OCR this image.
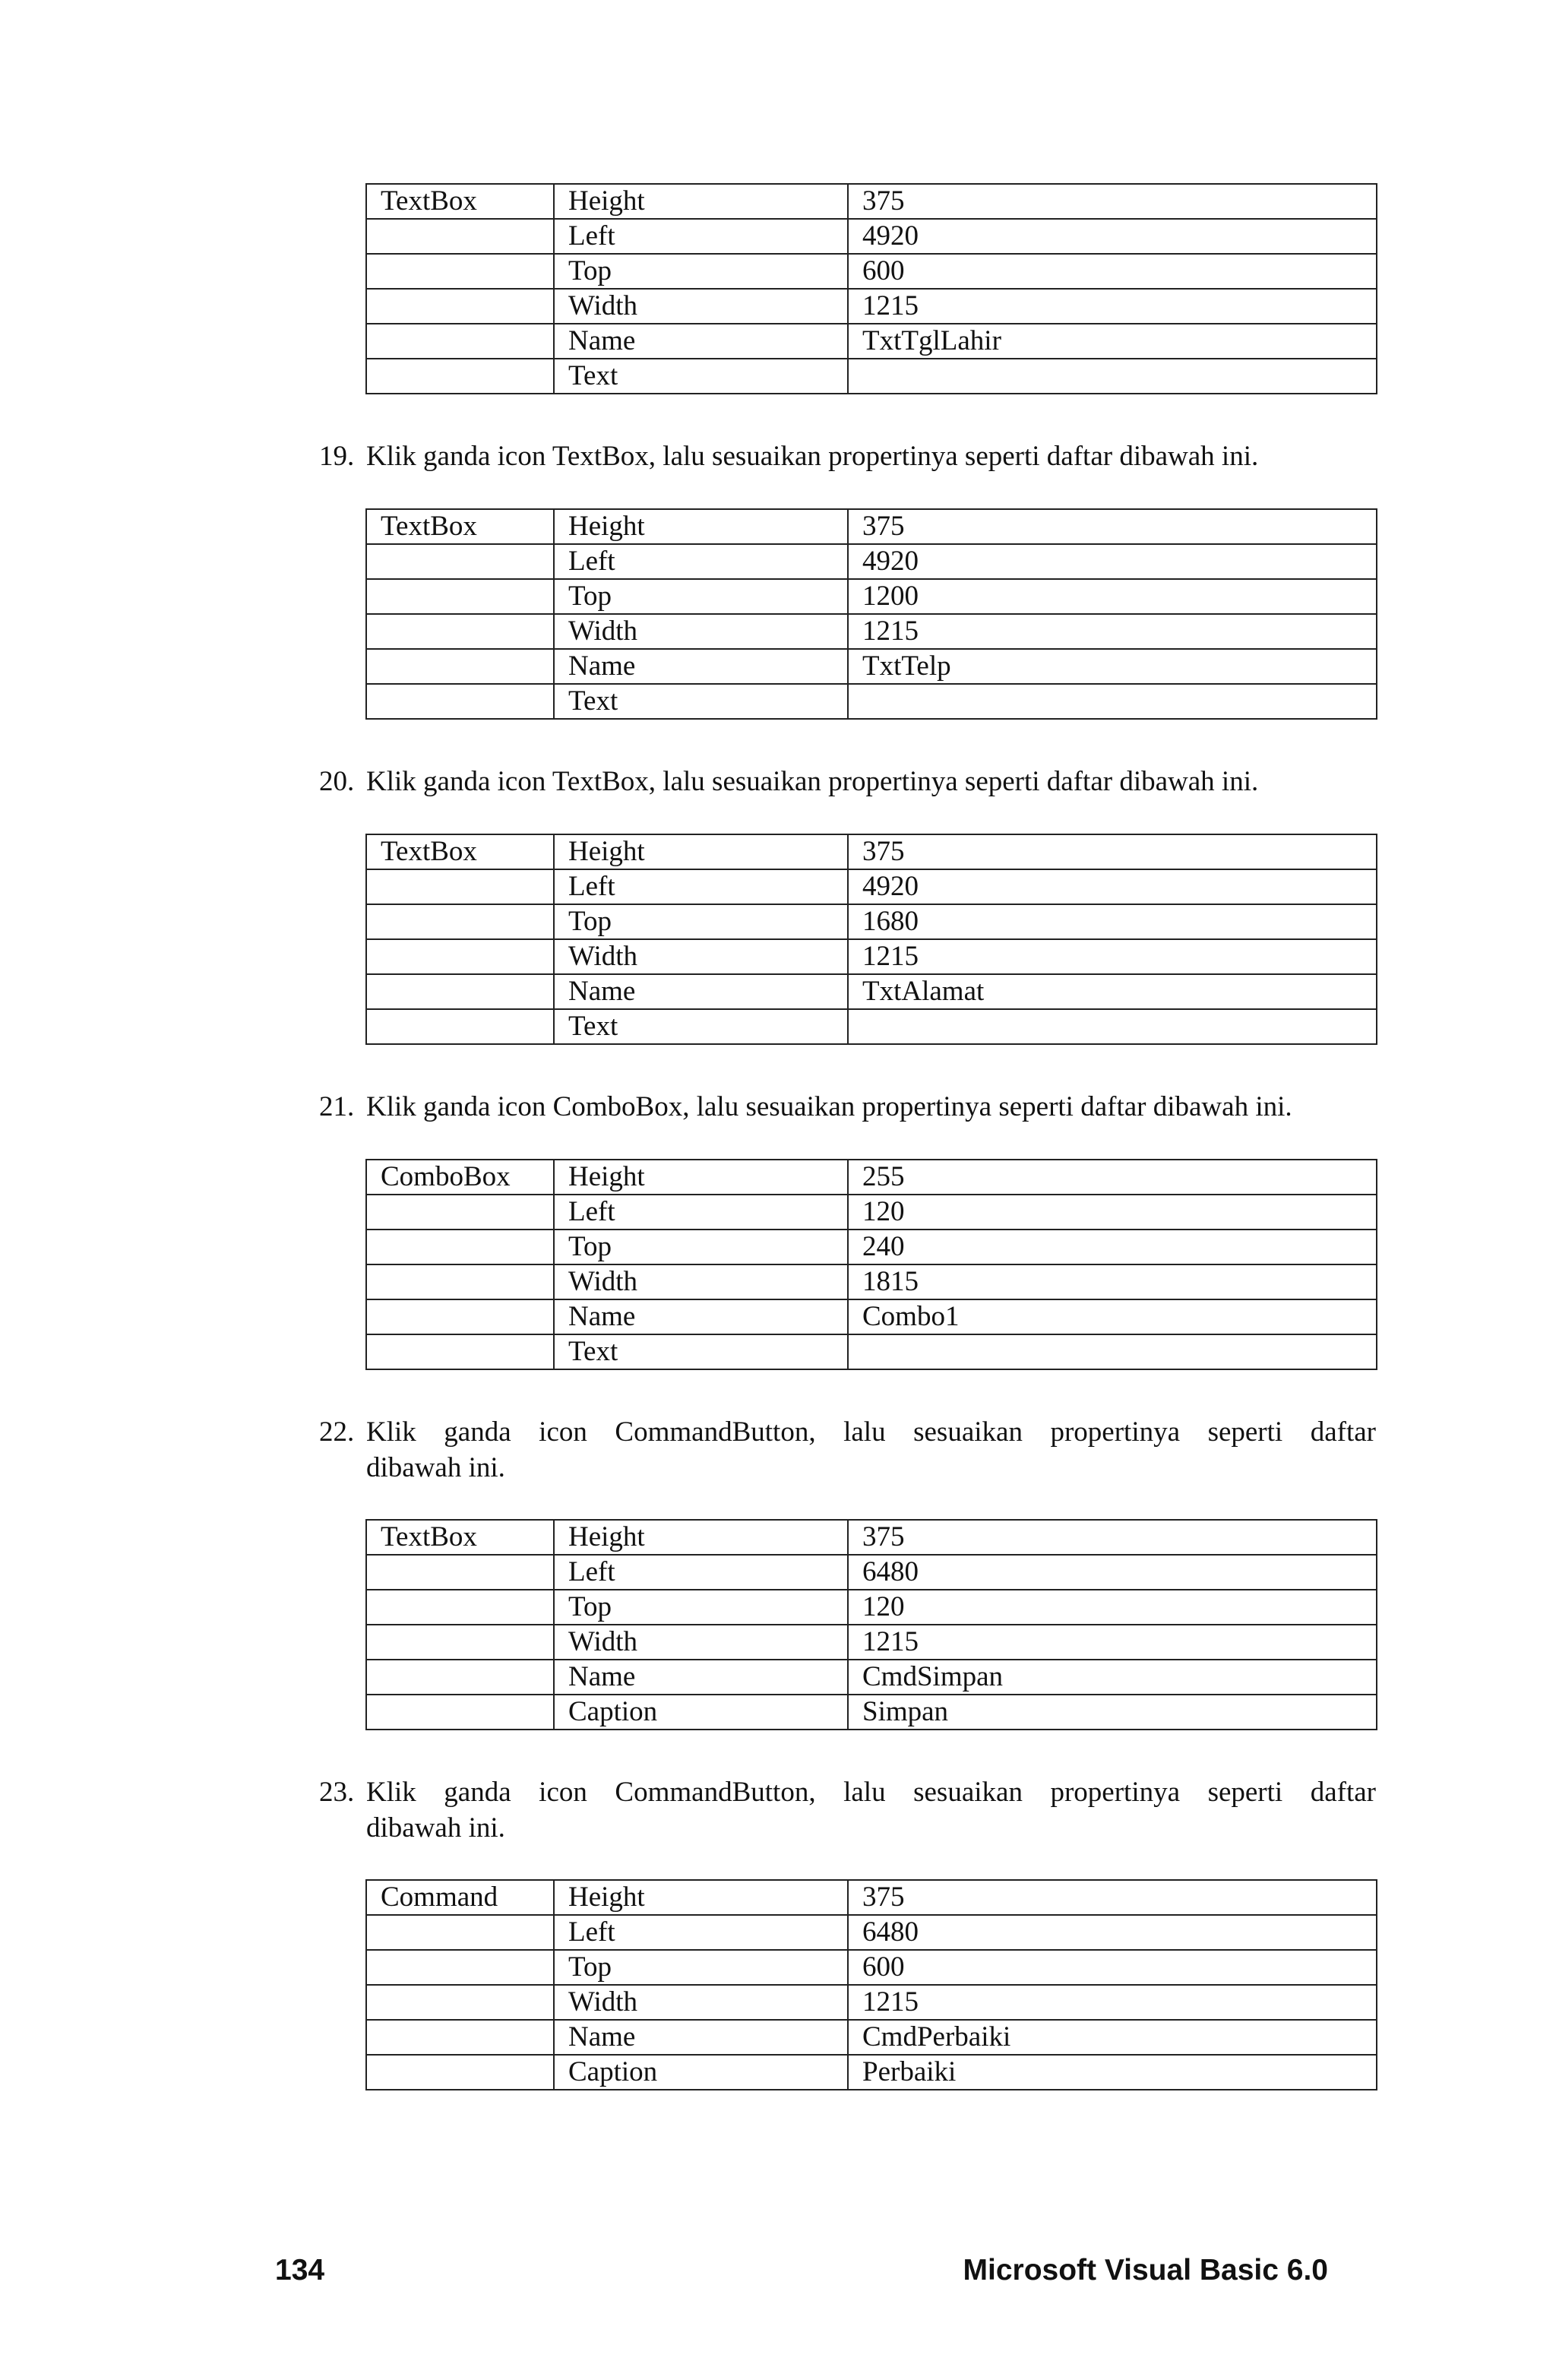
TextBox	Height	375
	Left	4920
	Top	600
	Width	1215
	Name	TxtTglLahir
	Text	
19. Klik ganda icon TextBox, lalu sesuaikan propertinya seperti daftar dibawah ini.
TextBox	Height	375
	Left	4920
	Top	1200
	Width	1215
	Name	TxtTelp
	Text	
20. Klik ganda icon TextBox, lalu sesuaikan propertinya seperti daftar dibawah ini.
TextBox	Height	375
	Left	4920
	Top	1680
	Width	1215
	Name	TxtAlamat
	Text	
21. Klik ganda icon ComboBox, lalu sesuaikan propertinya seperti daftar dibawah ini.
ComboBox	Height	255
	Left	120
	Top	240
	Width	1815
	Name	Combo1
	Text	
22. Klik ganda icon CommandButton, lalu sesuaikan propertinya seperti daftar
dibawah ini.
TextBox	Height	375
	Left	6480
	Top	120
	Width	1215
	Name	CmdSimpan
	Caption	Simpan
23. Klik ganda icon CommandButton, lalu sesuaikan propertinya seperti daftar
dibawah ini.
Command	Height	375
	Left	6480
	Top	600
	Width	1215
	Name	CmdPerbaiki
	Caption	Perbaiki
134	Microsoft Visual Basic 6.0
